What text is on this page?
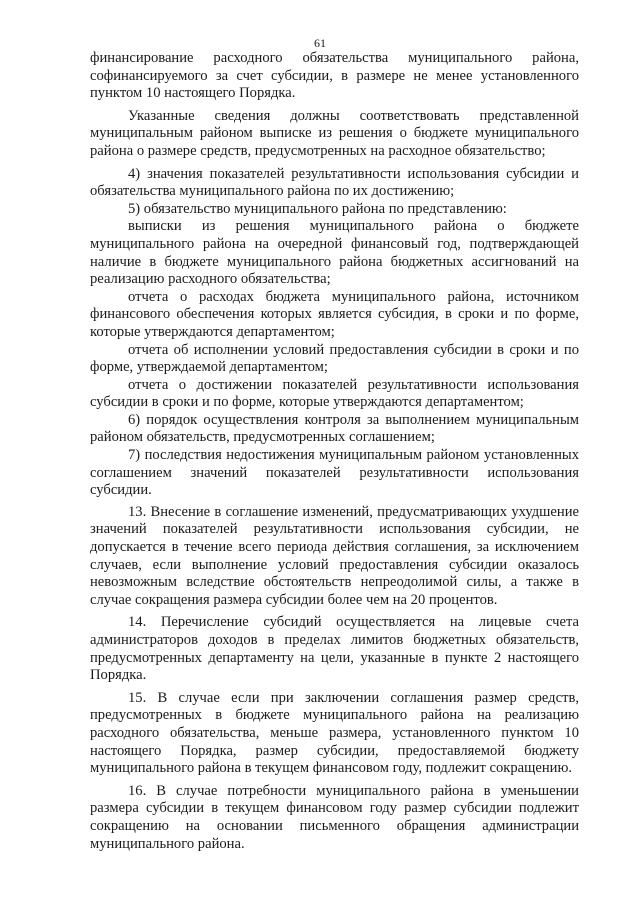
61

финансирование расходного обязательства муниципального района, софинансируемого за счет субсидии, в размере не менее установленного пунктом 10 настоящего Порядка.

Указанные сведения должны соответствовать представленной муниципальным районом выписке из решения о бюджете муниципального района о размере средств, предусмотренных на расходное обязательство;

4) значения показателей результативности использования субсидии и обязательства муниципального района по их достижению;

5) обязательство муниципального района по представлению:

выписки из решения муниципального района о бюджете муниципального района на очередной финансовый год, подтверждающей наличие в бюджете муниципального района бюджетных ассигнований на реализацию расходного обязательства;

отчета о расходах бюджета муниципального района, источником финансового обеспечения которых является субсидия, в сроки и по форме, которые утверждаются департаментом;

отчета об исполнении условий предоставления субсидии в сроки и по форме, утверждаемой департаментом;

отчета о достижении показателей результативности использования субсидии в сроки и по форме, которые утверждаются департаментом;

6) порядок осуществления контроля за выполнением муниципальным районом обязательств, предусмотренных соглашением;

7) последствия недостижения муниципальным районом установленных соглашением значений показателей результативности использования субсидии.

13. Внесение в соглашение изменений, предусматривающих ухудшение значений показателей результативности использования субсидии, не допускается в течение всего периода действия соглашения, за исключением случаев, если выполнение условий предоставления субсидии оказалось невозможным вследствие обстоятельств непреодолимой силы, а также в случае сокращения размера субсидии более чем на 20 процентов.

14. Перечисление субсидий осуществляется на лицевые счета администраторов доходов в пределах лимитов бюджетных обязательств, предусмотренных департаменту на цели, указанные в пункте 2 настоящего Порядка.

15. В случае если при заключении соглашения размер средств, предусмотренных в бюджете муниципального района на реализацию расходного обязательства, меньше размера, установленного пунктом 10 настоящего Порядка, размер субсидии, предоставляемой бюджету муниципального района в текущем финансовом году, подлежит сокращению.

16. В случае потребности муниципального района в уменьшении размера субсидии в текущем финансовом году размер субсидии подлежит сокращению на основании письменного обращения администрации муниципального района.
